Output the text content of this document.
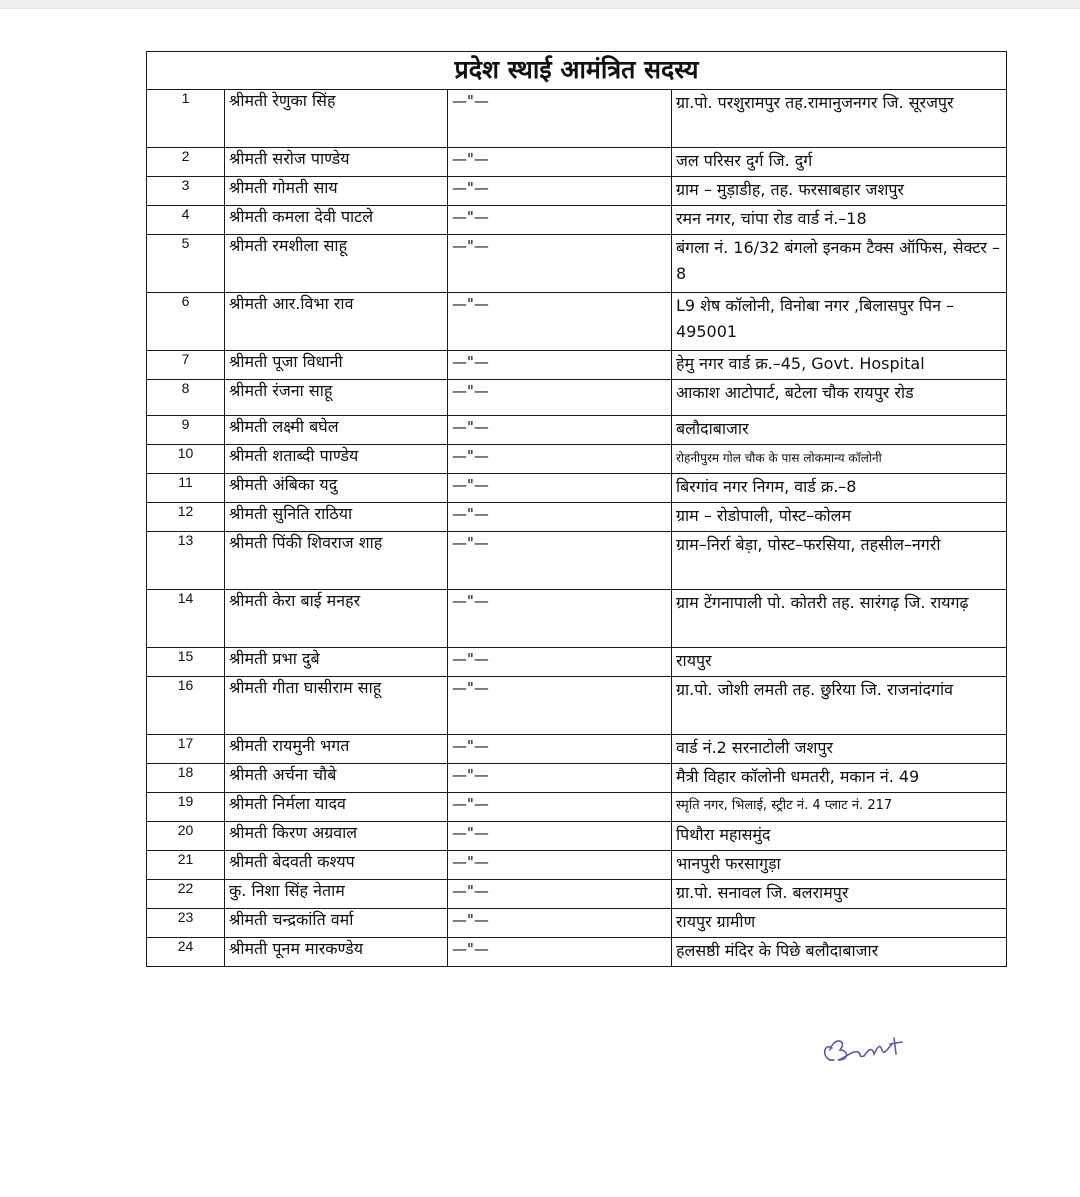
प्रदेश स्थाई आमंत्रित सदस्य			
1	श्रीमती रेणुका सिंह	—"—	ग्रा.पो. परशुरामपुर तह.रामानुजनगर जि. सूरजपुर
2	श्रीमती सरोज पाण्डेय	—"—	जल परिसर दुर्ग जि. दुर्ग
3	श्रीमती गोमती साय	—"—	ग्राम – मुड़ाडीह, तह. फरसाबहार जशपुर
4	श्रीमती कमला देवी पाटले	—"—	रमन नगर, चांपा रोड वार्ड नं.–18
5	श्रीमती रमशीला साहू	—"—	बंगला नं. 16/32 बंगलो इनकम टैक्स ऑफिस, सेक्टर –8
6	श्रीमती आर.विभा राव	—"—	L9 शेष कॉलोनी, विनोबा नगर ,बिलासपुर पिन – 495001
7	श्रीमती पूजा विधानी	—"—	हेमु नगर वार्ड क्र.–45, Govt. Hospital
8	श्रीमती रंजना साहू	—"—	आकाश आटोपार्ट, बटेला चौक रायपुर रोड
9	श्रीमती लक्ष्मी बघेल	—"—	बलौदाबाजार
10	श्रीमती शताब्दी पाण्डेय	—"—	रोहनीपुरम गोल चौक के पास लोकमान्य कॉलोनी
11	श्रीमती अंबिका यदु	—"—	बिरगांव नगर निगम, वार्ड क्र.–8
12	श्रीमती सुनिति राठिया	—"—	ग्राम – रोडोपाली, पोस्ट–कोलम
13	श्रीमती पिंकी शिवराज शाह	—"—	ग्राम–निर्रा बेड़ा, पोस्ट–फरसिया, तहसील–नगरी
14	श्रीमती केरा बाई मनहर	—"—	ग्राम टेंगनापाली पो. कोतरी तह. सारंगढ़ जि. रायगढ़
15	श्रीमती प्रभा दुबे	—"—	रायपुर
16	श्रीमती गीता घासीराम साहू	—"—	ग्रा.पो. जोशी लमती तह. छुरिया जि. राजनांदगांव
17	श्रीमती रायमुनी भगत	—"—	वार्ड नं.2 सरनाटोली जशपुर
18	श्रीमती अर्चना चौबे	—"—	मैत्री विहार कॉलोनी धमतरी, मकान नं. 49
19	श्रीमती निर्मला यादव	—"—	स्मृति नगर, भिलाई, स्ट्रीट नं. 4 प्लाट नं. 217
20	श्रीमती किरण अग्रवाल	—"—	पिथौरा महासमुंद
21	श्रीमती बेदवती कश्यप	—"—	भानपुरी फरसागुड़ा
22	कु. निशा सिंह नेताम	—"—	ग्रा.पो. सनावल जि. बलरामपुर
23	श्रीमती चन्द्रकांति वर्मा	—"—	रायपुर ग्रामीण
24	श्रीमती पूनम मारकण्डेय	—"—	हलसष्ठी मंदिर के पिछे बलौदाबाजार
